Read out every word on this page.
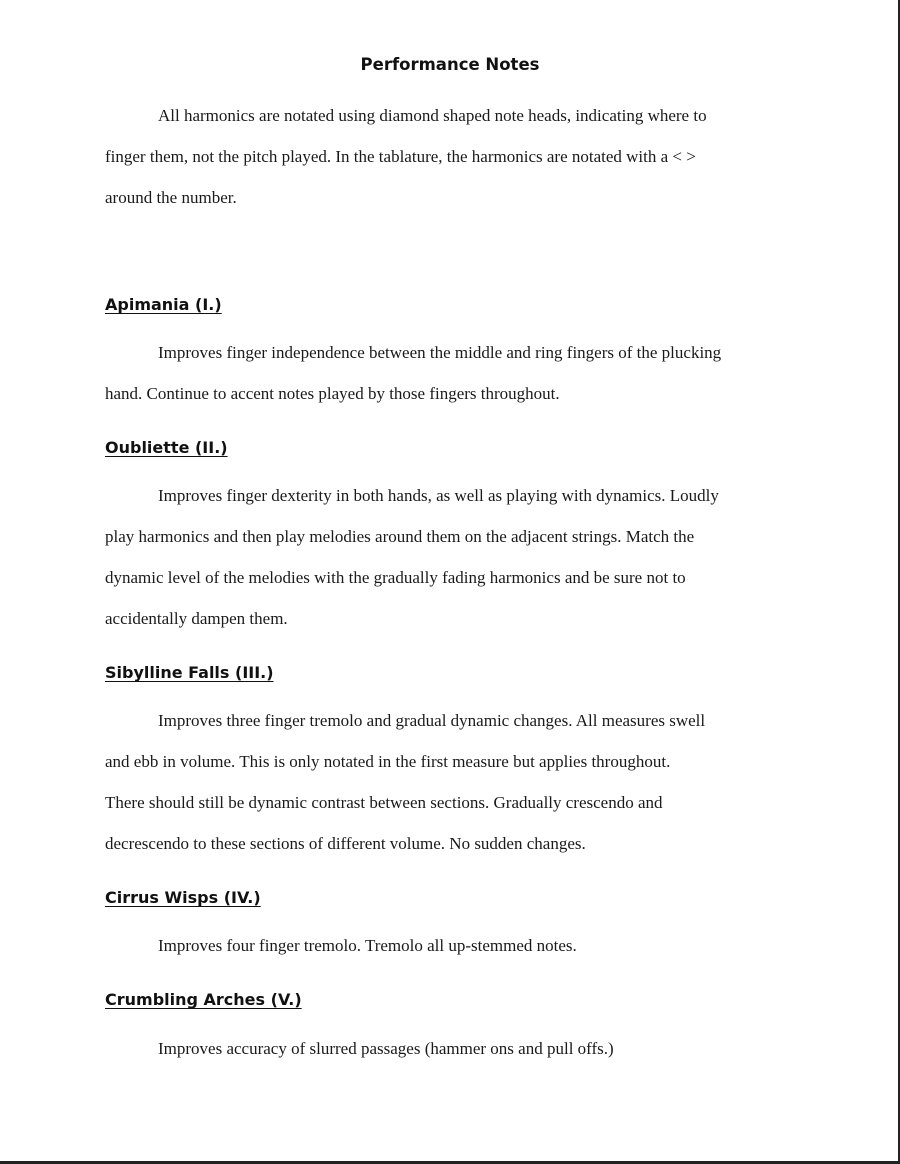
Performance Notes

All harmonics are notated using diamond shaped note heads, indicating where to
finger them, not the pitch played. In the tablature, the harmonics are notated with a < >
around the number.

Apimania (I.)

Improves finger independence between the middle and ring fingers of the plucking
hand. Continue to accent notes played by those fingers throughout.

Oubliette (II.)

Improves finger dexterity in both hands, as well as playing with dynamics. Loudly
play harmonics and then play melodies around them on the adjacent strings. Match the
dynamic level of the melodies with the gradually fading harmonics and be sure not to
accidentally dampen them.

Sibylline Falls (III.)

Improves three finger tremolo and gradual dynamic changes. All measures swell
and ebb in volume. This is only notated in the first measure but applies throughout.
There should still be dynamic contrast between sections. Gradually crescendo and
decrescendo to these sections of different volume. No sudden changes.

Cirrus Wisps (IV.)

Improves four finger tremolo. Tremolo all up-stemmed notes.

Crumbling Arches (V.)

Improves accuracy of slurred passages (hammer ons and pull offs.)
